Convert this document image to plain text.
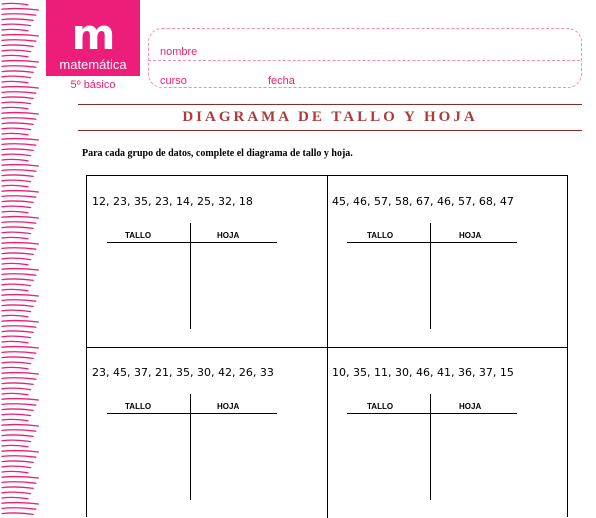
m
matemática
5º básico
nombre
curso	fecha
DIAGRAMA DE TALLO Y HOJA
Para cada grupo de datos, complete el diagrama de tallo y hoja.
12, 23, 35, 23, 14, 25, 32, 18
TALLO	HOJA
45, 46, 57, 58, 67, 46, 57, 68, 47
TALLO	HOJA
23, 45, 37, 21, 35, 30, 42, 26, 33
TALLO	HOJA
10, 35, 11, 30, 46, 41, 36, 37, 15
TALLO	HOJA
